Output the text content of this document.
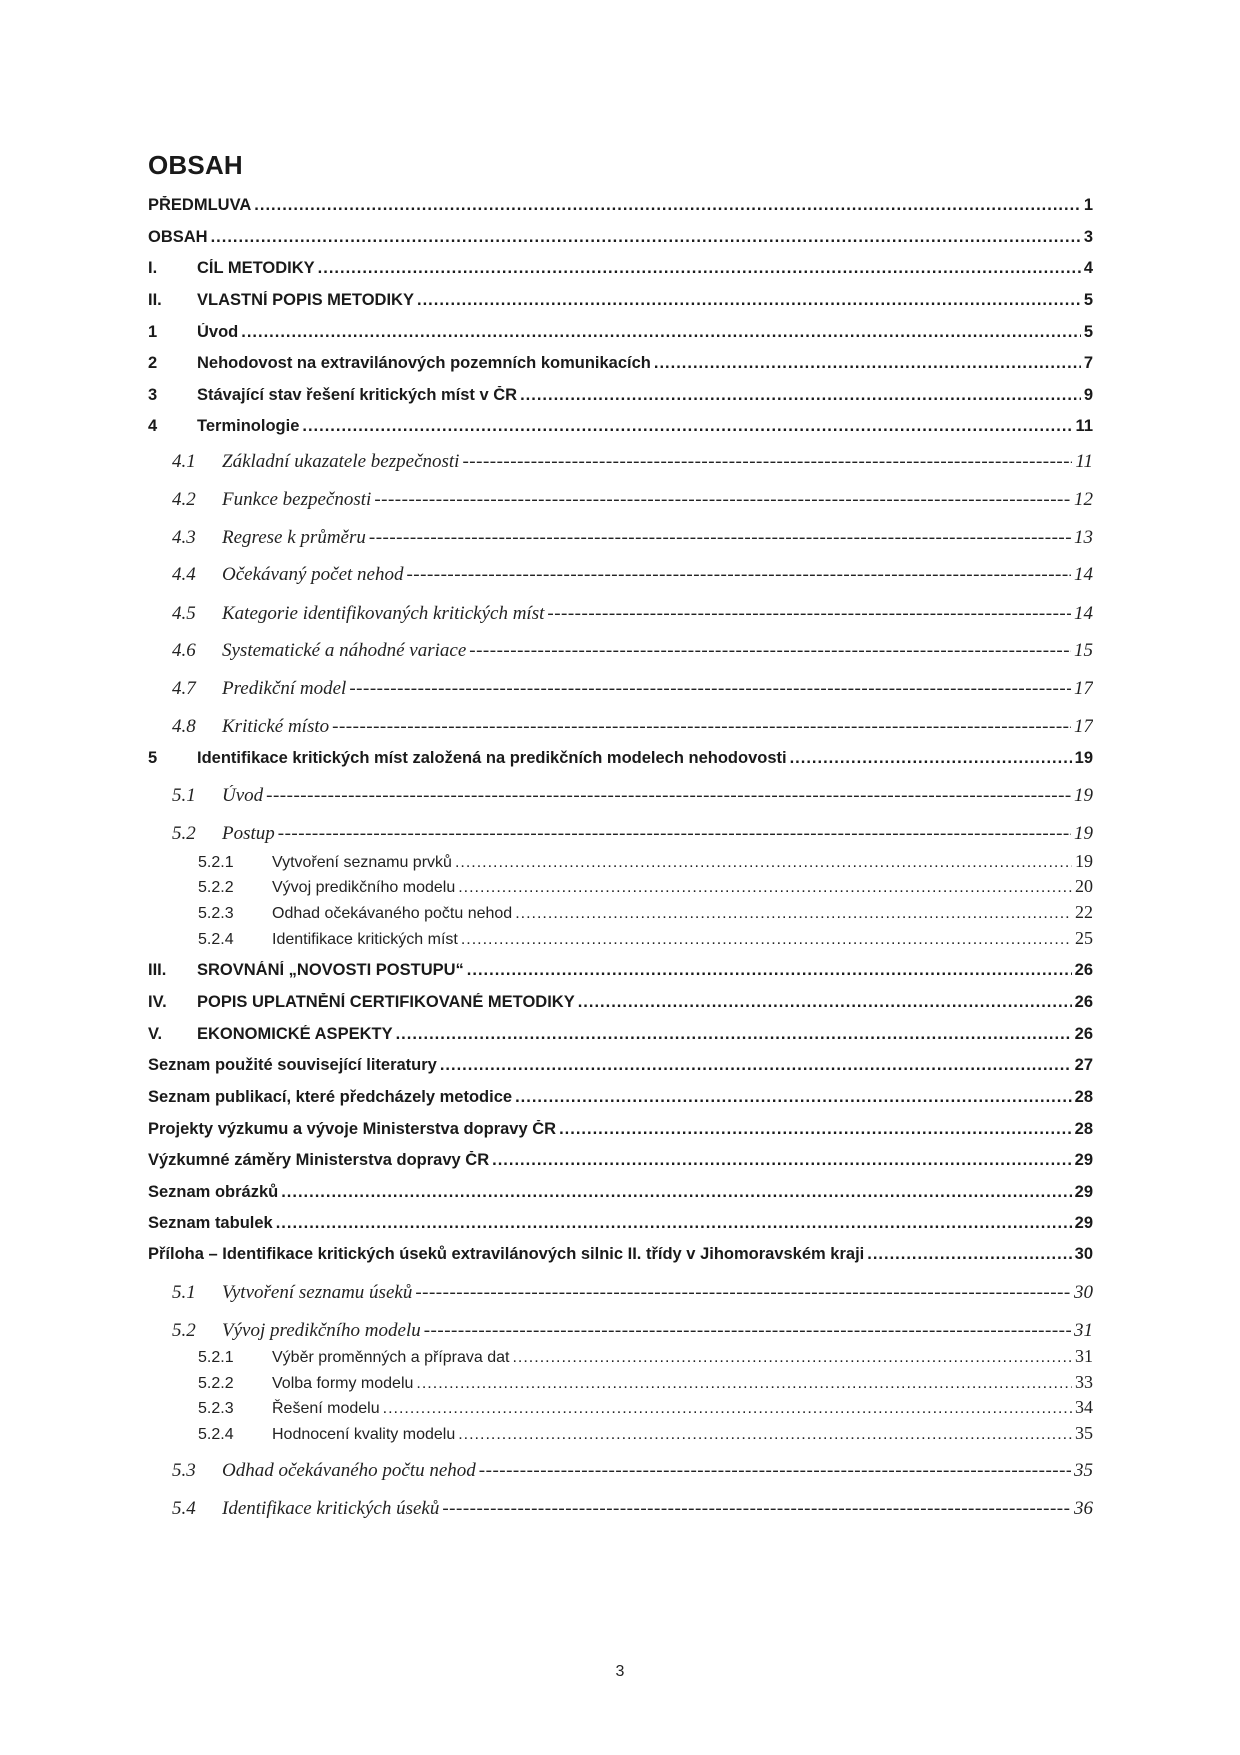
OBSAH
PŘEDMLUVA .....	1
OBSAH .....	3
I.	CÍL METODIKY .....	4
II.	VLASTNÍ POPIS METODIKY .....	5
1	Úvod .....	5
2	Nehodovost na extravilánových pozemních komunikacích .....	7
3	Stávající stav řešení kritických míst v ČR .....	9
4	Terminologie .....	11
4.1	Základní ukazatele bezpečnosti -----	11
4.2	Funkce bezpečnosti -----	12
4.3	Regrese k průměru -----	13
4.4	Očekávaný počet nehod -----	14
4.5	Kategorie identifikovaných kritických míst -----	14
4.6	Systematické a náhodné variace -----	15
4.7	Predikční model -----	17
4.8	Kritické místo -----	17
5	Identifikace kritických míst založená na predikčních modelech nehodovosti .....	19
5.1	Úvod -----	19
5.2	Postup -----	19
5.2.1	Vytvoření seznamu prvků .....	19
5.2.2	Vývoj predikčního modelu .....	20
5.2.3	Odhad očekávaného počtu nehod .....	22
5.2.4	Identifikace kritických míst .....	25
III.	SROVNÁNÍ „NOVOSTI POSTUPU“ .....	26
IV.	POPIS UPLATNĚNÍ CERTIFIKOVANÉ METODIKY .....	26
V.	EKONOMICKÉ ASPEKTY .....	26
Seznam použité související literatury .....	27
Seznam publikací, které předcházely metodice .....	28
Projekty výzkumu a vývoje Ministerstva dopravy ČR .....	28
Výzkumné záměry Ministerstva dopravy ČR .....	29
Seznam obrázků .....	29
Seznam tabulek .....	29
Příloha – Identifikace kritických úseků extravilánových silnic II. třídy v Jihomoravském kraji .....	30
5.1	Vytvoření seznamu úseků -----	30
5.2	Vývoj predikčního modelu -----	31
5.2.1	Výběr proměnných a příprava dat .....	31
5.2.2	Volba formy modelu .....	33
5.2.3	Řešení modelu .....	34
5.2.4	Hodnocení kvality modelu .....	35
5.3	Odhad očekávaného počtu nehod -----	35
5.4	Identifikace kritických úseků -----	36
3
